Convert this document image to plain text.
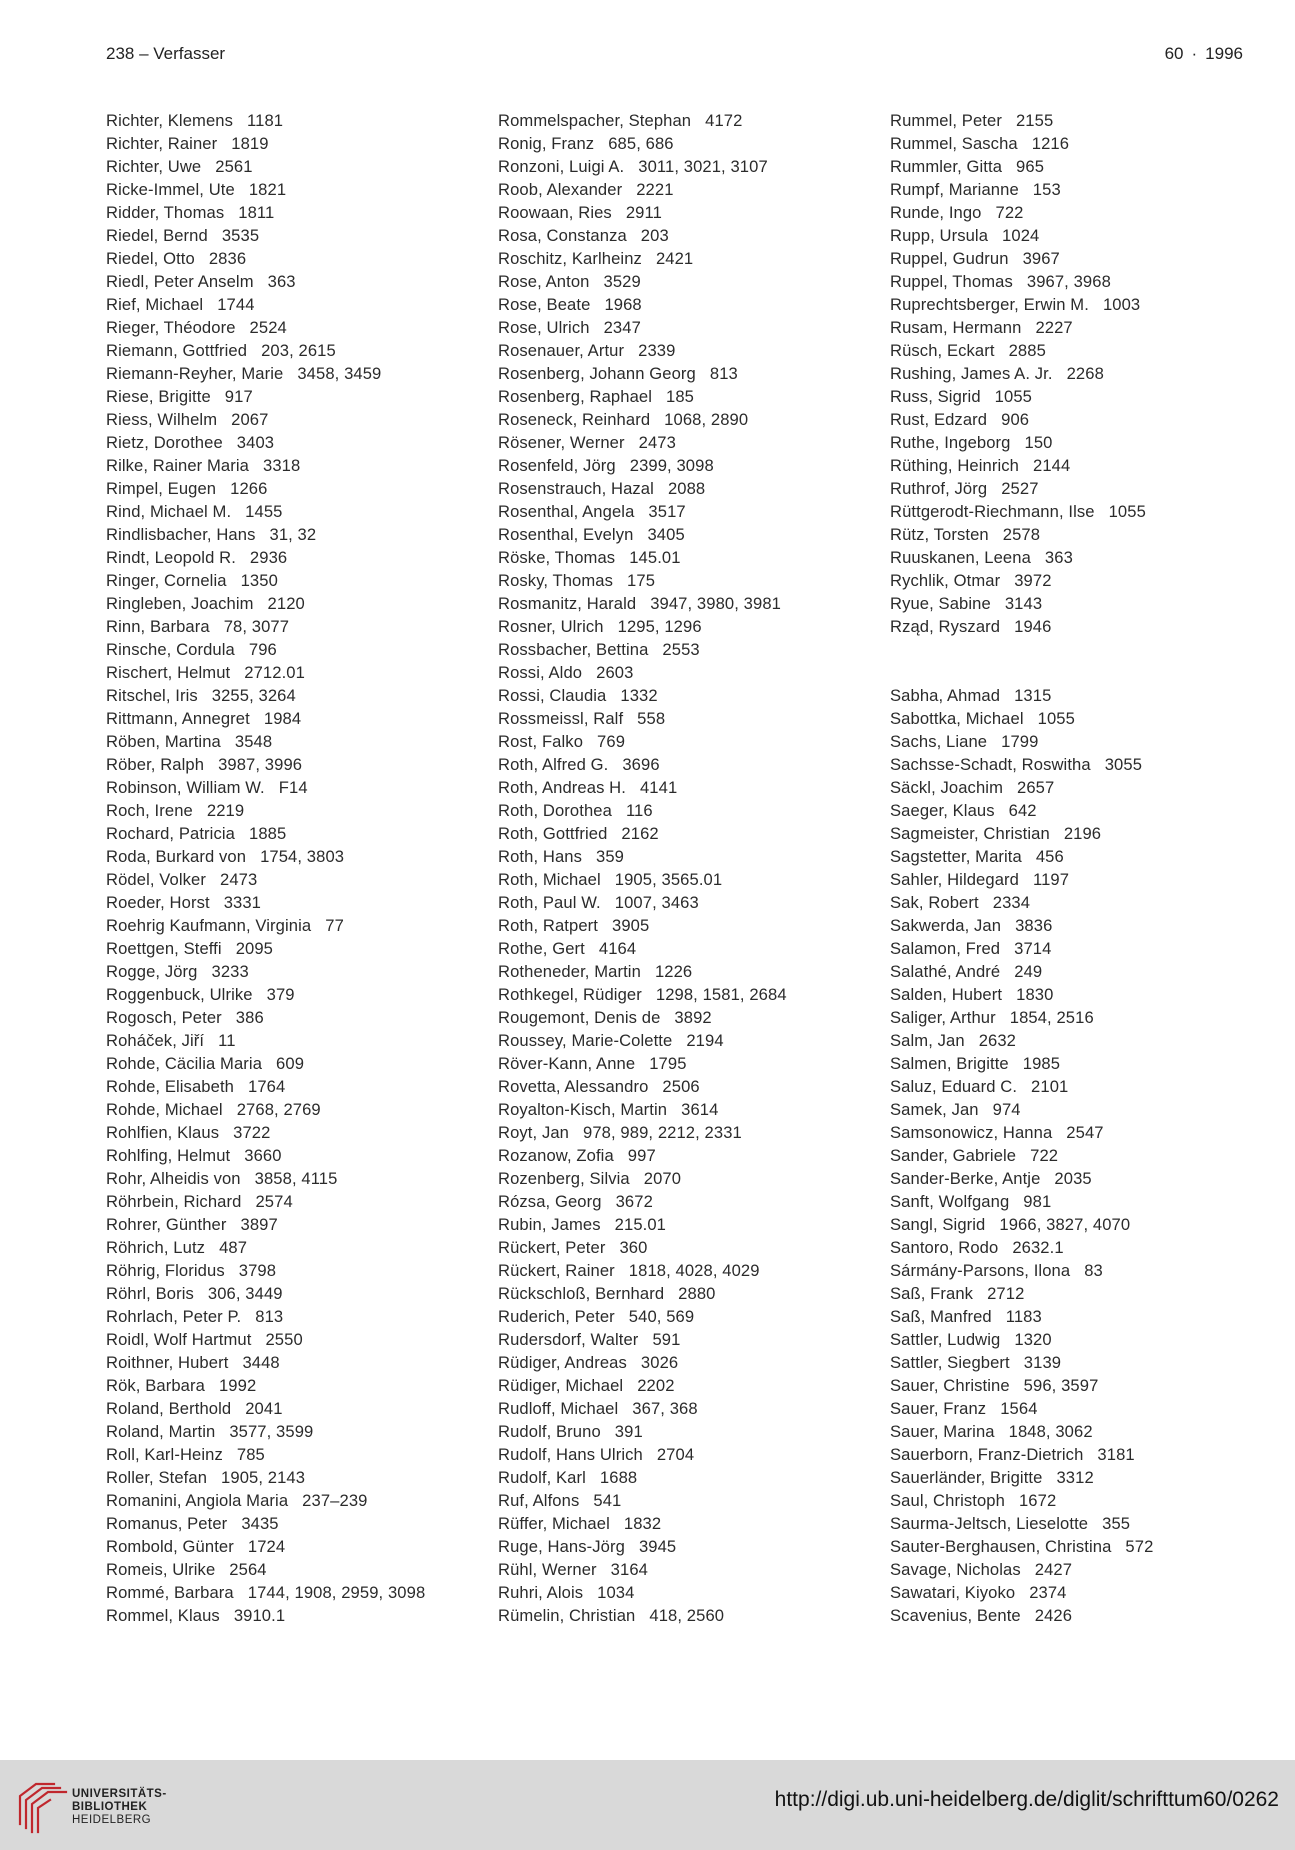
238 – Verfasser	60 · 1996
Richter, Klemens 1181
Richter, Rainer 1819
Richter, Uwe 2561
Ricke-Immel, Ute 1821
Ridder, Thomas 1811
Riedel, Bernd 3535
Riedel, Otto 2836
Riedl, Peter Anselm 363
Rief, Michael 1744
Rieger, Théodore 2524
Riemann, Gottfried 203, 2615
Riemann-Reyher, Marie 3458, 3459
Riese, Brigitte 917
Riess, Wilhelm 2067
Rietz, Dorothee 3403
Rilke, Rainer Maria 3318
Rimpel, Eugen 1266
Rind, Michael M. 1455
Rindlisbacher, Hans 31, 32
Rindt, Leopold R. 2936
Ringer, Cornelia 1350
Ringleben, Joachim 2120
Rinn, Barbara 78, 3077
Rinsche, Cordula 796
Rischert, Helmut 2712.01
Ritschel, Iris 3255, 3264
Rittmann, Annegret 1984
Röben, Martina 3548
Röber, Ralph 3987, 3996
Robinson, William W. F14
Roch, Irene 2219
Rochard, Patricia 1885
Roda, Burkard von 1754, 3803
Rödel, Volker 2473
Roeder, Horst 3331
Roehrig Kaufmann, Virginia 77
Roettgen, Steffi 2095
Rogge, Jörg 3233
Roggenbuck, Ulrike 379
Rogosch, Peter 386
Roháček, Jiří 11
Rohde, Cäcilia Maria 609
Rohde, Elisabeth 1764
Rohde, Michael 2768, 2769
Rohlfien, Klaus 3722
Rohlfing, Helmut 3660
Rohr, Alheidis von 3858, 4115
Röhrbein, Richard 2574
Rohrer, Günther 3897
Röhrich, Lutz 487
Röhrig, Floridus 3798
Röhrl, Boris 306, 3449
Rohrlach, Peter P. 813
Roidl, Wolf Hartmut 2550
Roithner, Hubert 3448
Rök, Barbara 1992
Roland, Berthold 2041
Roland, Martin 3577, 3599
Roll, Karl-Heinz 785
Roller, Stefan 1905, 2143
Romanini, Angiola Maria 237–239
Romanus, Peter 3435
Rombold, Günter 1724
Romeis, Ulrike 2564
Rommé, Barbara 1744, 1908, 2959, 3098
Rommel, Klaus 3910.1
Rommelspacher, Stephan 4172
Ronig, Franz 685, 686
Ronzoni, Luigi A. 3011, 3021, 3107
Roob, Alexander 2221
Roowaan, Ries 2911
Rosa, Constanza 203
Roschitz, Karlheinz 2421
Rose, Anton 3529
Rose, Beate 1968
Rose, Ulrich 2347
Rosenauer, Artur 2339
Rosenberg, Johann Georg 813
Rosenberg, Raphael 185
Roseneck, Reinhard 1068, 2890
Rösener, Werner 2473
Rosenfeld, Jörg 2399, 3098
Rosenstrauch, Hazal 2088
Rosenthal, Angela 3517
Rosenthal, Evelyn 3405
Röske, Thomas 145.01
Rosky, Thomas 175
Rosmanitz, Harald 3947, 3980, 3981
Rosner, Ulrich 1295, 1296
Rossbacher, Bettina 2553
Rossi, Aldo 2603
Rossi, Claudia 1332
Rossmeissl, Ralf 558
Rost, Falko 769
Roth, Alfred G. 3696
Roth, Andreas H. 4141
Roth, Dorothea 116
Roth, Gottfried 2162
Roth, Hans 359
Roth, Michael 1905, 3565.01
Roth, Paul W. 1007, 3463
Roth, Ratpert 3905
Rothe, Gert 4164
Rotheneder, Martin 1226
Rothkegel, Rüdiger 1298, 1581, 2684
Rougemont, Denis de 3892
Roussey, Marie-Colette 2194
Röver-Kann, Anne 1795
Rovetta, Alessandro 2506
Royalton-Kisch, Martin 3614
Royt, Jan 978, 989, 2212, 2331
Rozanow, Zofia 997
Rozenberg, Silvia 2070
Rózsa, Georg 3672
Rubin, James 215.01
Rückert, Peter 360
Rückert, Rainer 1818, 4028, 4029
Rückschloß, Bernhard 2880
Ruderich, Peter 540, 569
Rudersdorf, Walter 591
Rüdiger, Andreas 3026
Rüdiger, Michael 2202
Rudloff, Michael 367, 368
Rudolf, Bruno 391
Rudolf, Hans Ulrich 2704
Rudolf, Karl 1688
Ruf, Alfons 541
Rüffer, Michael 1832
Ruge, Hans-Jörg 3945
Rühl, Werner 3164
Ruhri, Alois 1034
Rümelin, Christian 418, 2560
Rummel, Peter 2155
Rummel, Sascha 1216
Rummler, Gitta 965
Rumpf, Marianne 153
Runde, Ingo 722
Rupp, Ursula 1024
Ruppel, Gudrun 3967
Ruppel, Thomas 3967, 3968
Ruprechtsberger, Erwin M. 1003
Rusam, Hermann 2227
Rüsch, Eckart 2885
Rushing, James A. Jr. 2268
Russ, Sigrid 1055
Rust, Edzard 906
Ruthe, Ingeborg 150
Rüthing, Heinrich 2144
Ruthrof, Jörg 2527
Rüttgerodt-Riechmann, Ilse 1055
Rütz, Torsten 2578
Ruuskanen, Leena 363
Rychlik, Otmar 3972
Ryue, Sabine 3143
Rząd, Ryszard 1946
Sabha, Ahmad 1315
Sabottka, Michael 1055
Sachs, Liane 1799
Sachsse-Schadt, Roswitha 3055
Säckl, Joachim 2657
Saeger, Klaus 642
Sagmeister, Christian 2196
Sagstetter, Marita 456
Sahler, Hildegard 1197
Sak, Robert 2334
Sakwerda, Jan 3836
Salamon, Fred 3714
Salathé, André 249
Salden, Hubert 1830
Saliger, Arthur 1854, 2516
Salm, Jan 2632
Salmen, Brigitte 1985
Saluz, Eduard C. 2101
Samek, Jan 974
Samsonowicz, Hanna 2547
Sander, Gabriele 722
Sander-Berke, Antje 2035
Sanft, Wolfgang 981
Sangl, Sigrid 1966, 3827, 4070
Santoro, Rodo 2632.1
Sármány-Parsons, Ilona 83
Saß, Frank 2712
Saß, Manfred 1183
Sattler, Ludwig 1320
Sattler, Siegbert 3139
Sauer, Christine 596, 3597
Sauer, Franz 1564
Sauer, Marina 1848, 3062
Sauerborn, Franz-Dietrich 3181
Sauerländer, Brigitte 3312
Saul, Christoph 1672
Saurma-Jeltsch, Lieselotte 355
Sauter-Berghausen, Christina 572
Savage, Nicholas 2427
Sawatari, Kiyoko 2374
Scavenius, Bente 2426
UNIVERSITÄTS-
BIBLIOTHEK
HEIDELBERG
http://digi.ub.uni-heidelberg.de/diglit/schrifttum60/0262
